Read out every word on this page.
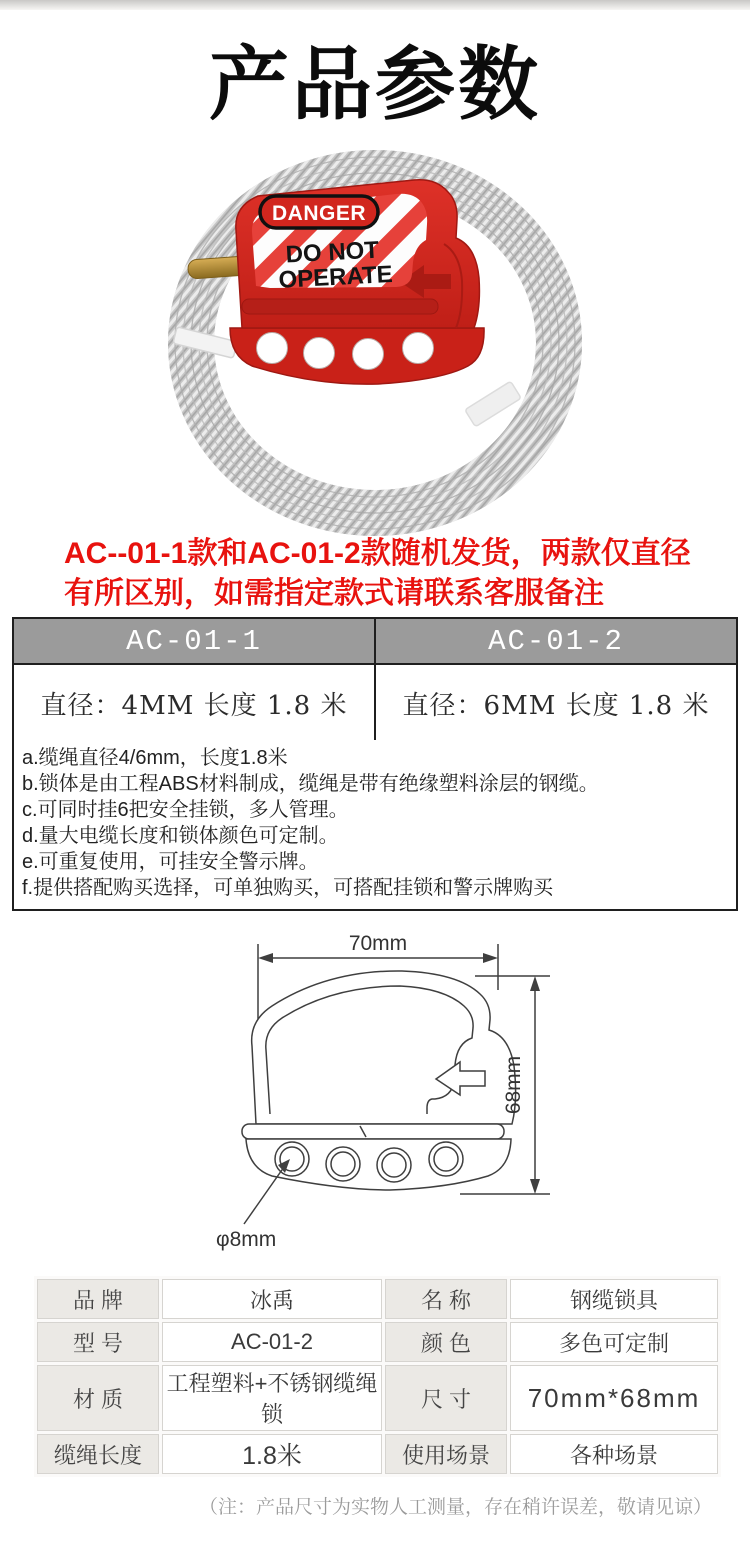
产品参数
DANGER
DO NOT
OPERATE
AC--01-1款和AC-01-2款随机发货，两款仅直径
有所区别，如需指定款式请联系客服备注
AC-01-1	AC-01-2
直径：4MM 长度 1.8 米	直径：6MM 长度 1.8 米
a.缆绳直径4/6mm，长度1.8米
b.锁体是由工程ABS材料制成，缆绳是带有绝缘塑料涂层的钢缆。
c.可同时挂6把安全挂锁，多人管理。
d.量大电缆长度和锁体颜色可定制。
e.可重复使用，可挂安全警示牌。
f.提供搭配购买选择，可单独购买，可搭配挂锁和警示牌购买
70mm
68mm
φ8mm
品 牌	冰禹	名 称	钢缆锁具
型 号	AC-01-2	颜 色	多色可定制
材 质	工程塑料+不锈钢缆绳锁	尺 寸	70mm*68mm
缆绳长度	1.8米	使用场景	各种场景
（注：产品尺寸为实物人工测量，存在稍许误差，敬请见谅）
